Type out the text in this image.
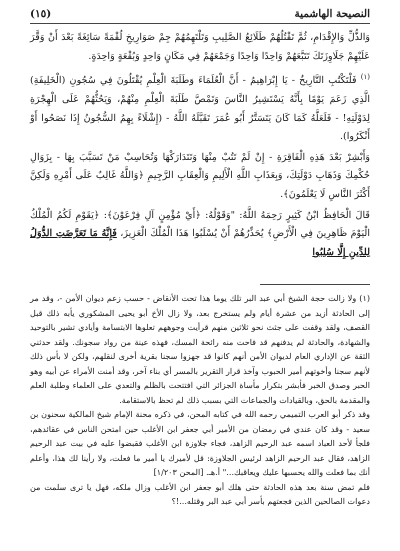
النصيحة الهاشمية
(١٥)

وَالذُّلِّ وَالإِقْدَامِ، ثُمَّ تَقْتُلُهُمْ طَلَائِعُ الصَّلِيبِ وَتَلْتَهِمُهُمْ جِمْ صَوَارِيخِ لُقْمَةً سَائِغَةً بَعْدَ أَنْ وَقَّرَ عَلَيْهِمْ جَلَاوِزَتَكَ تَتَبَّعَهُمْ وَاحِدًا وَاحِدًا وَجَمْعَهُمْ فِي مَكَانٍ وَاحِدٍ وَبُقْعَةٍ وَاحِدَةٍ.

$^{(١)}$ فَلْتَكْتُبِ التَّارِيخُ - يَا إِبْرَاهِيمُ - أَنَّ الْعُلَمَاءَ وَطَلَبَةَ الْعِلْمِ يُقْتَلُونَ فِي سُجُونِ (الْخَلِيفَةِ) الَّذِي زَعَمَ يَوْمًا بِأَنَّهُ يَسْتَشِيرُ النَّاسَ وَتَمْصَّ طَلَبَةَ الْعِلْمِ مِنْهُمْ، وَيَحُثُّهُمْ عَلَى الْهِجْرَةِ لِدَوْلَتِهِ! - فَلَعَلَّهُ كَمَا كَانَ يَتَسَتَّرُ أَبُو عُمَرَ تَقَبَّلَهُ اللَّهُ - (إِشْلَاءً بِهِمُ السُّجُونُ إِذَا نَصَحُوا أَوْ أَنْكَرُوا).

وَأَبْشِرْ بَعْدَ هَذِهِ الْفَاقِرَةِ - إِنْ لَمْ تَتُبْ مِنْهَا وَتَتَدَارَكْهَا وَتُحَاسِبْ مَنْ تَسَبَّبَ بِهَا - بِزَوَالِ حُكْمِكَ وَذَهَابِ دَوْلَتِكَ، وَبِعَذَابِ اللَّهِ الْأَلِيمِ وَالْعِقَابِ الرَّجِيمِ ﴿وَاللَّهُ غَالِبٌ عَلَى أَمْرِهِ وَلَكِنَّ أَكْثَرَ النَّاسِ لَا يَعْلَمُونَ﴾.

قَالَ الْحَافِظُ ابْنُ كَثِيرٍ رَحِمَهُ اللَّهُ: "وَقَوْلُهُ: ﴿أَيْ مُؤْمِنٍ آلِ فِرْعَوْنَ﴾: ﴿يَقَوْمِ لَكُمُ الْمُلْكُ الْيَوْمَ ظَاهِرِينَ فِي الْأَرْضِ﴾ يُحَذِّرُهُمْ أَنْ يُسْلَبُوا هَذَا الْمُلْكَ الْعَزِيزَ، فَإِنَّهُ مَا تَعَرَّضَتِ الدُّوَلُ لِلدِّينِ إِلَّا سُلِبُوا

(١) ولا زالت حجة الشيخ أبي عبد البر تلك يوما هذا تحت الأنقاض - حسب زعم ديوان الأمن -، وقد مر إلى الحادثة أزيد من عشرة أيام ولم يستخرج بعد، ولا زال الأخ أبو يحيى المشكوري يأبه ذلك قبل القصف، ولقد وقفت على جثث نحو ثلاثين منهم قرأيت وجوههم تعلوها الابتسامة وأيادي تشير بالتوحيد والشهادة، والحادثة لم يدفنهم قد فاحت منه رائحة المسك، فهذه عينة من رواد سجونك. ولقد حدثني الثقة عن الإداري العام لديوان الأمن أنهم كانوا قد جهزوا سجنا بقرية أخرى لنقلهم، ولكن لا بأس ذلك لأنهم سجنا وأخوتهم أمير الحبوب وآخذ قرار التقرير بالمسر أي بناء آخر، وقد أمنت الأمراء عن أبيه وهو الحبر وصدق الخبر فأبشر بتكرار مأساة الجزائر التي افتتحت بالظلم والتعدي على العلماء وطلبة العلم والمقدمة بالحق، وبالقيادات والجماعات التي بسبب ذلك لم تحظ بالاستقامة.

وقد ذكر أبو العرب التميمي رحمه الله في كتابه المحن، في ذكره محنة الإمام شيخ المالكية سحنون بن سعيد - وقد كان عندي في رمضان من الأمير أبي جعفر ابن الأغلب حين امتحن الناس في عقائدهم، فلجأ لأحد العباد اسمه عبد الرحيم الزاهد، فجاء جلاوزة ابن الأغلب فقبضوا عليه في بيت عبد الرحيم الزاهد، فقال عبد الرحيم الزاهد لرئيس الجلاوزة: قل لأميرك يا أمير ما فعلت، ولا رأينا لك هذا، وأعلم أنك بما فعلت والله يحسبها عليك ويعاقبك..." أ.هـ. [المحن ١/٢٠٣]

فلم تمض سنة بعد هذه الحادثة حتى هلك أبو جعفر ابن الأغلب وزال ملكه، فهل يا ترى سلمت من دعوات الصالحين الذين فجعتهم بأسر أبي عبد البر وقتله...!؟
